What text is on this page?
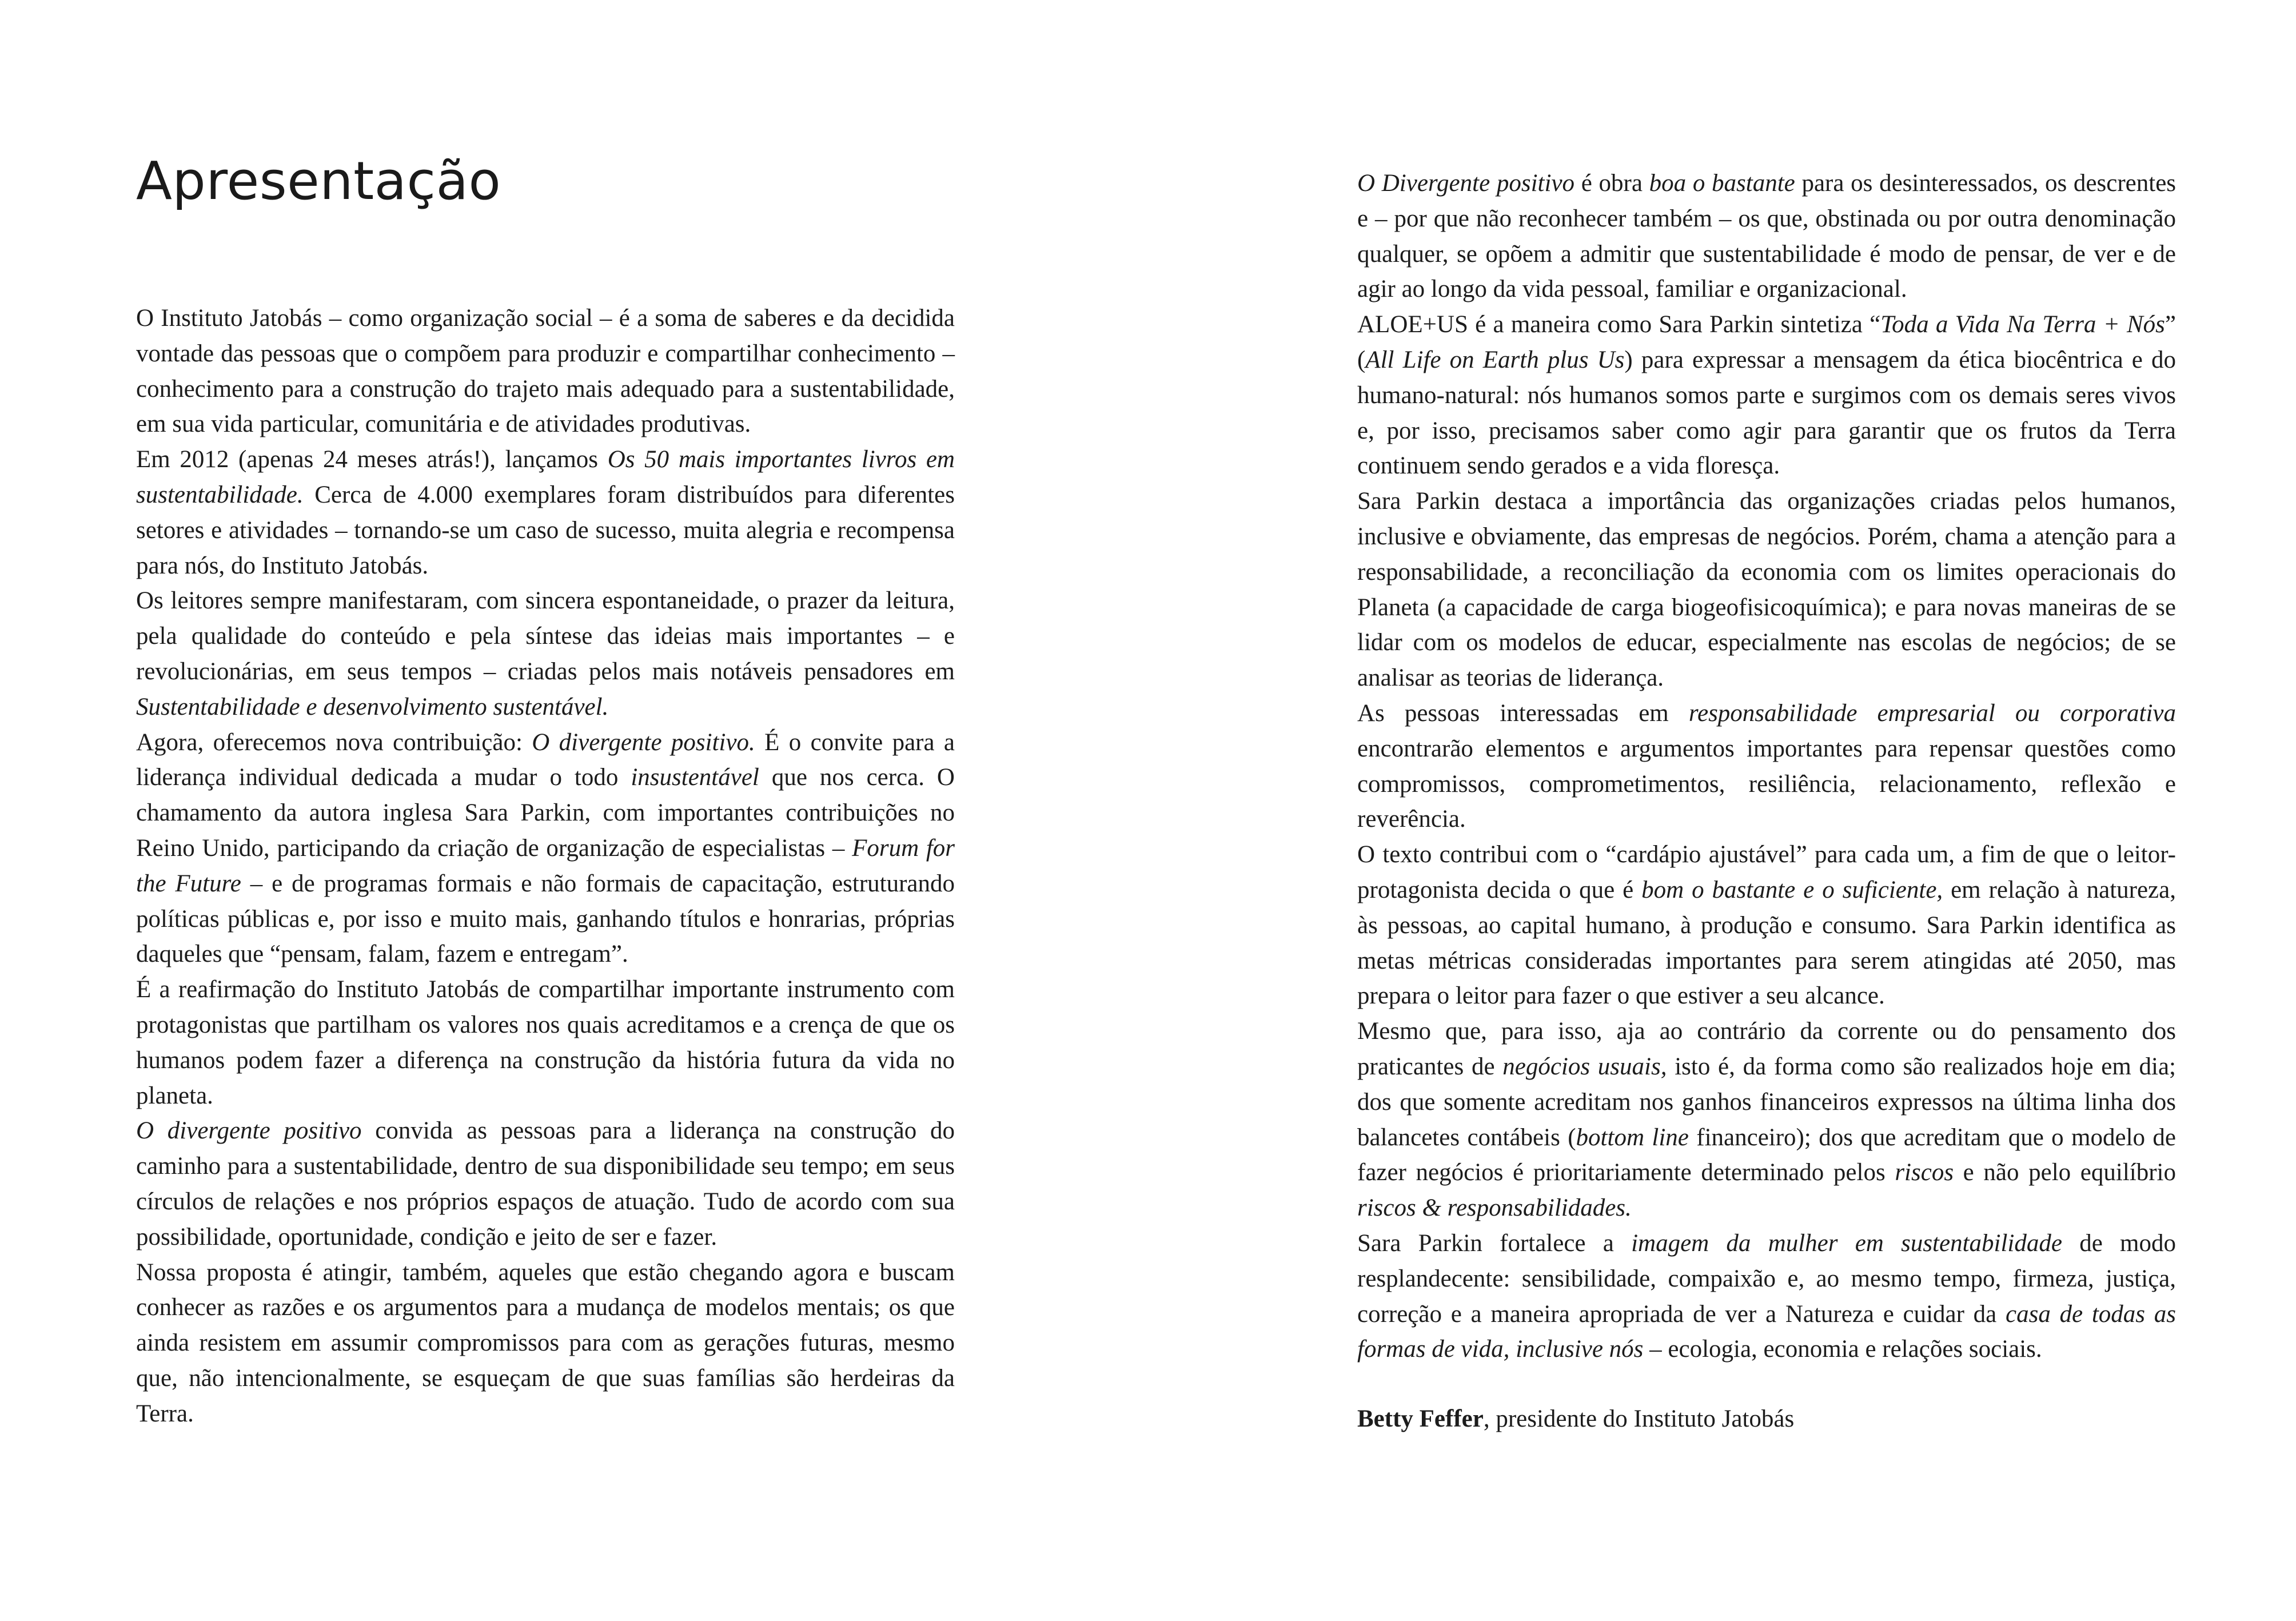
Apresentação

O Instituto Jatobás – como organização social – é a soma de saberes e da decidida vontade das pessoas que o compõem para produzir e compartilhar conhecimento – conhecimento para a construção do trajeto mais adequado para a sustentabilidade, em sua vida particular, comunitária e de atividades produtivas.

Em 2012 (apenas 24 meses atrás!), lançamos Os 50 mais importantes livros em sustentabilidade. Cerca de 4.000 exemplares foram distribuídos para diferentes setores e atividades – tornando-se um caso de sucesso, muita alegria e recompensa para nós, do Instituto Jatobás.

Os leitores sempre manifestaram, com sincera espontaneidade, o prazer da leitura, pela qualidade do conteúdo e pela síntese das ideias mais importantes – e revolucionárias, em seus tempos – criadas pelos mais notáveis pensadores em Sustentabilidade e desenvolvimento sustentável.

Agora, oferecemos nova contribuição: O divergente positivo. É o convite para a liderança individual dedicada a mudar o todo insustentável que nos cerca. O chamamento da autora inglesa Sara Parkin, com importantes contribuições no Reino Unido, participando da criação de organização de especialistas – Forum for the Future – e de programas formais e não formais de capacitação, estruturando políticas públicas e, por isso e muito mais, ganhando títulos e honrarias, próprias daqueles que “pensam, falam, fazem e entregam”.

É a reafirmação do Instituto Jatobás de compartilhar importante instrumento com protagonistas que partilham os valores nos quais acreditamos e a crença de que os humanos podem fazer a diferença na construção da história futura da vida no planeta.

O divergente positivo convida as pessoas para a liderança na construção do caminho para a sustentabilidade, dentro de sua disponibilidade seu tempo; em seus círculos de relações e nos próprios espaços de atuação. Tudo de acordo com sua possibilidade, oportunidade, condição e jeito de ser e fazer.

Nossa proposta é atingir, também, aqueles que estão chegando agora e buscam conhecer as razões e os argumentos para a mudança de modelos mentais; os que ainda resistem em assumir compromissos para com as gerações futuras, mesmo que, não intencionalmente, se esqueçam de que suas famílias são herdeiras da Terra.

O Divergente positivo é obra boa o bastante para os desinteressados, os descrentes e – por que não reconhecer também – os que, obstinada ou por outra denominação qualquer, se opõem a admitir que sustentabilidade é modo de pensar, de ver e de agir ao longo da vida pessoal, familiar e organizacional.

ALOE+US é a maneira como Sara Parkin sintetiza “Toda a Vida Na Terra + Nós” (All Life on Earth plus Us) para expressar a mensagem da ética biocêntrica e do humano-natural: nós humanos somos parte e surgimos com os demais seres vivos e, por isso, precisamos saber como agir para garantir que os frutos da Terra continuem sendo gerados e a vida floresça.

Sara Parkin destaca a importância das organizações criadas pelos humanos, inclusive e obviamente, das empresas de negócios. Porém, chama a atenção para a responsabilidade, a reconciliação da economia com os limites operacionais do Planeta (a capacidade de carga biogeofisicoquímica); e para novas maneiras de se lidar com os modelos de educar, especialmente nas escolas de negócios; de se analisar as teorias de liderança.

As pessoas interessadas em responsabilidade empresarial ou corporativa encontrarão elementos e argumentos importantes para repensar questões como compromissos, comprometimentos, resiliência, relacionamento, reflexão e reverência.

O texto contribui com o “cardápio ajustável” para cada um, a fim de que o leitor-protagonista decida o que é bom o bastante e o suficiente, em relação à natureza, às pessoas, ao capital humano, à produção e consumo. Sara Parkin identifica as metas métricas consideradas importantes para serem atingidas até 2050, mas prepara o leitor para fazer o que estiver a seu alcance.

Mesmo que, para isso, aja ao contrário da corrente ou do pensamento dos praticantes de negócios usuais, isto é, da forma como são realizados hoje em dia; dos que somente acreditam nos ganhos financeiros expressos na última linha dos balancetes contábeis (bottom line financeiro); dos que acreditam que o modelo de fazer negócios é prioritariamente determinado pelos riscos e não pelo equilíbrio riscos & responsabilidades.

Sara Parkin fortalece a imagem da mulher em sustentabilidade de modo resplandecente: sensibilidade, compaixão e, ao mesmo tempo, firmeza, justiça, correção e a maneira apropriada de ver a Natureza e cuidar da casa de todas as formas de vida, inclusive nós – ecologia, economia e relações sociais.

Betty Feffer, presidente do Instituto Jatobás
